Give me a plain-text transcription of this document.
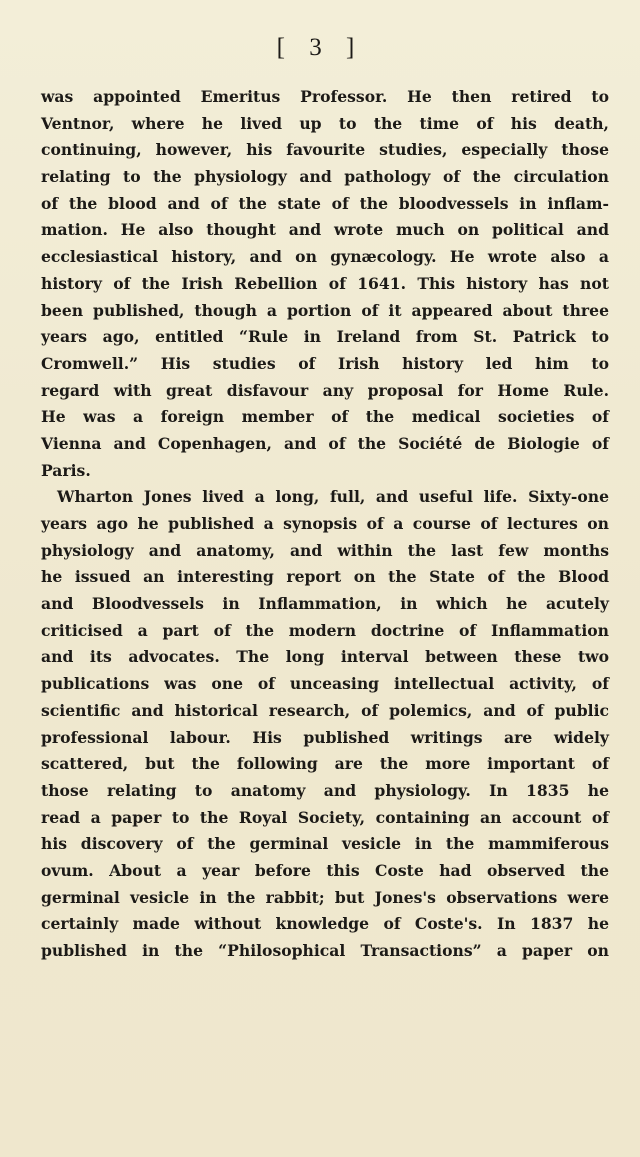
[ 3 ]
was appointed Emeritus Professor. He then retired to
Ventnor, where he lived up to the time of his death,
continuing, however, his favourite studies, especially those
relating to the physiology and pathology of the circulation
of the blood and of the state of the bloodvessels in inflam-
mation. He also thought and wrote much on political and
ecclesiastical history, and on gynæcology. He wrote also a
history of the Irish Rebellion of 1641. This history has not
been published, though a portion of it appeared about three
years ago, entitled “Rule in Ireland from St. Patrick to
Cromwell.” His studies of Irish history led him to
regard with great disfavour any proposal for Home Rule.
He was a foreign member of the medical societies of
Vienna and Copenhagen, and of the Société de Biologie of
Paris.
Wharton Jones lived a long, full, and useful life. Sixty-one
years ago he published a synopsis of a course of lectures on
physiology and anatomy, and within the last few months
he issued an interesting report on the State of the Blood
and Bloodvessels in Inflammation, in which he acutely
criticised a part of the modern doctrine of Inflammation
and its advocates. The long interval between these two
publications was one of unceasing intellectual activity, of
scientific and historical research, of polemics, and of public
professional labour. His published writings are widely
scattered, but the following are the more important of
those relating to anatomy and physiology. In 1835 he
read a paper to the Royal Society, containing an account of
his discovery of the germinal vesicle in the mammiferous
ovum. About a year before this Coste had observed the
germinal vesicle in the rabbit; but Jones's observations were
certainly made without knowledge of Coste's. In 1837 he
published in the “Philosophical Transactions” a paper on
